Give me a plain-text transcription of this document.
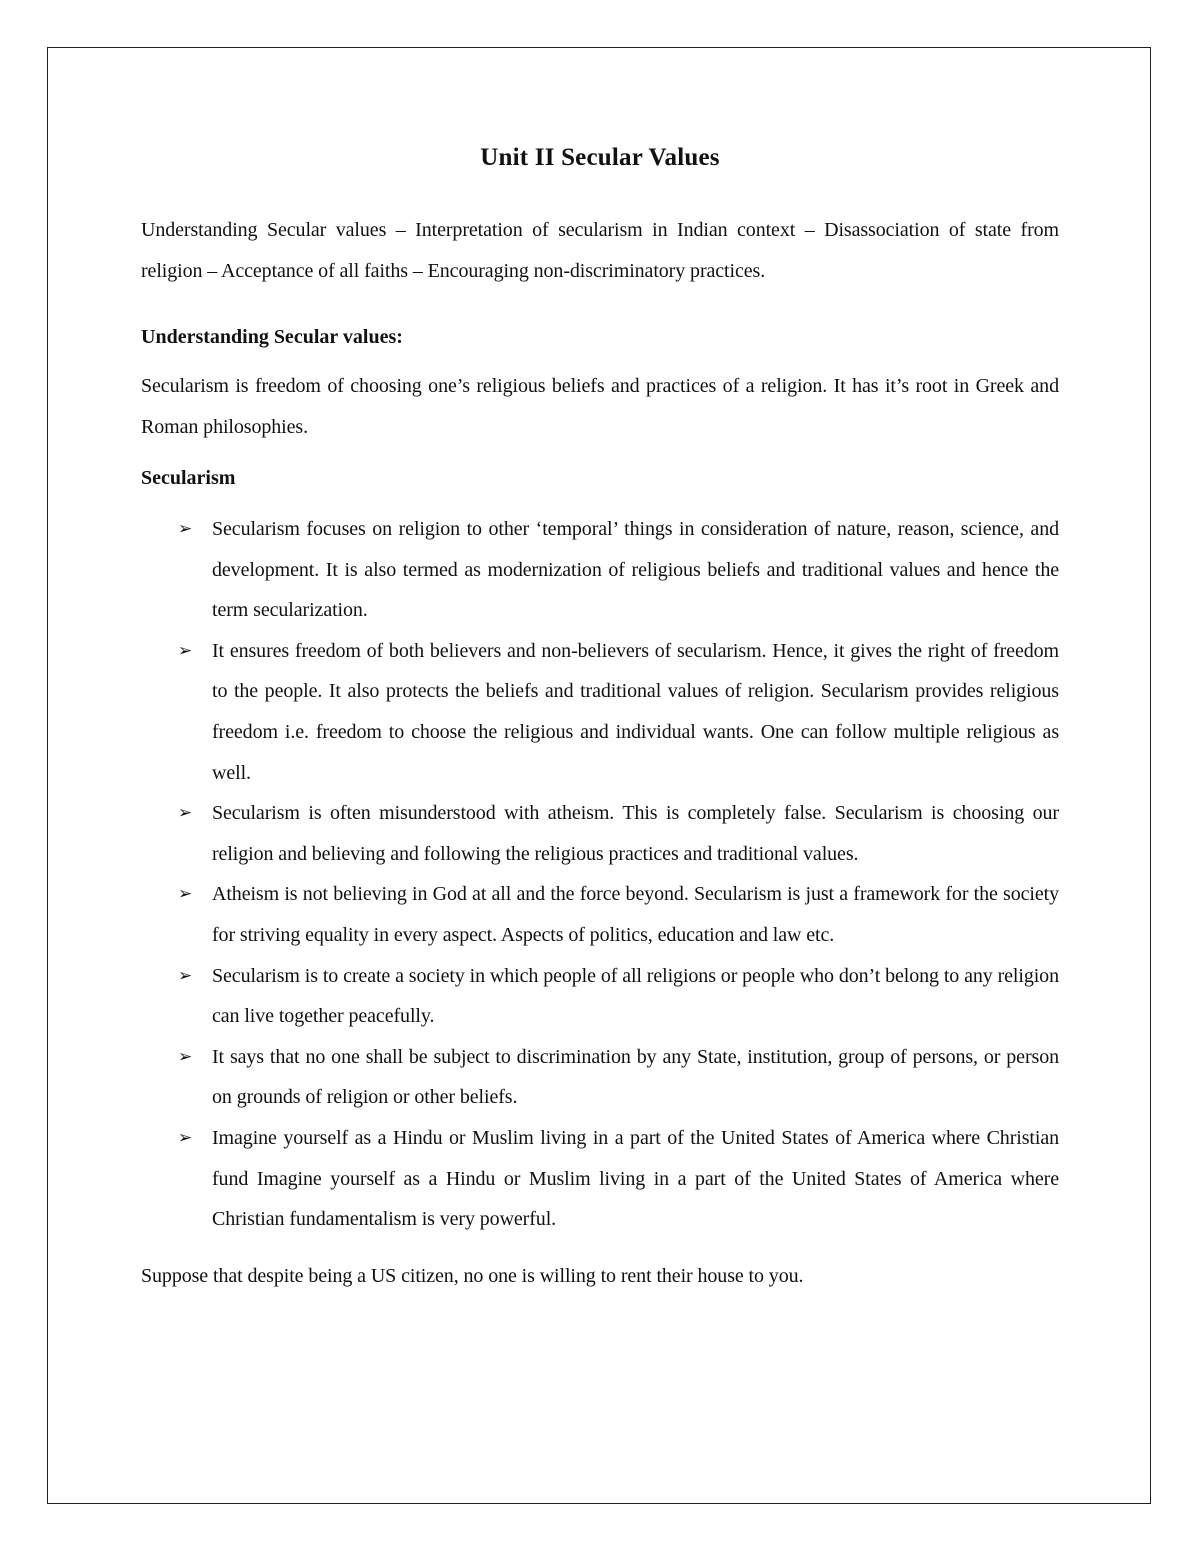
Unit II Secular Values

Understanding Secular values – Interpretation of secularism in Indian context – Disassociation of state from religion – Acceptance of all faiths – Encouraging non-discriminatory practices.

Understanding Secular values:

Secularism is freedom of choosing one’s religious beliefs and practices of a religion. It has it’s root in Greek and Roman philosophies.

Secularism
➢ Secularism focuses on religion to other ‘temporal’ things in consideration of nature, reason, science, and development. It is also termed as modernization of religious beliefs and traditional values and hence the term secularization.
➢ It ensures freedom of both believers and non-believers of secularism. Hence, it gives the right of freedom to the people. It also protects the beliefs and traditional values of religion. Secularism provides religious freedom i.e. freedom to choose the religious and individual wants. One can follow multiple religious as well.
➢ Secularism is often misunderstood with atheism. This is completely false. Secularism is choosing our religion and believing and following the religious practices and traditional values.
➢ Atheism is not believing in God at all and the force beyond. Secularism is just a framework for the society for striving equality in every aspect. Aspects of politics, education and law etc.
➢ Secularism is to create a society in which people of all religions or people who don’t belong to any religion can live together peacefully.
➢ It says that no one shall be subject to discrimination by any State, institution, group of persons, or person on grounds of religion or other beliefs.
➢ Imagine yourself as a Hindu or Muslim living in a part of the United States of America where Christian fund Imagine yourself as a Hindu or Muslim living in a part of the United States of America where Christian fundamentalism is very powerful.

Suppose that despite being a US citizen, no one is willing to rent their house to you.
